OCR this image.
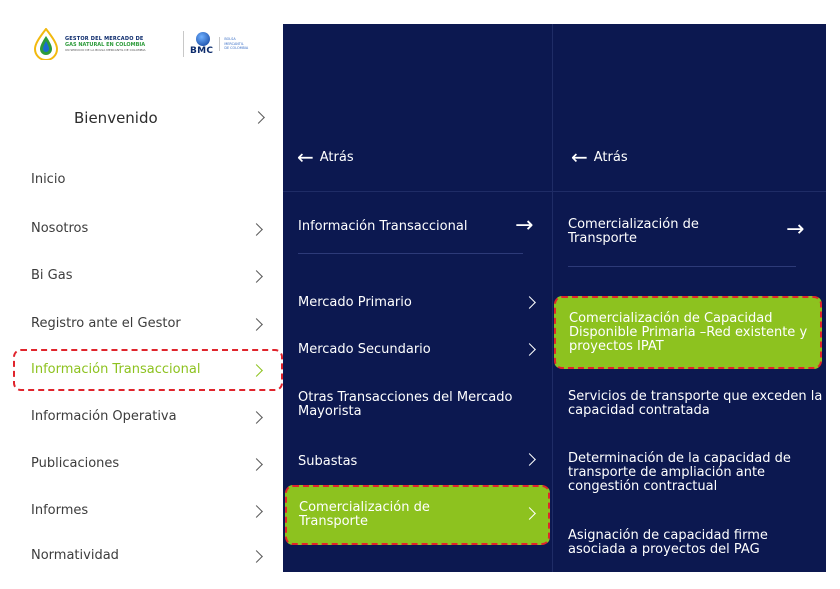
GESTOR DEL MERCADO DE
GAS NATURAL EN COLOMBIA
UN SERVICIO DE LA BOLSA MERCANTIL DE COLOMBIA	BMC
BOLSA
MERCANTIL
DE COLOMBIA
Bienvenido
Inicio
Nosotros
Bi Gas
Registro ante el Gestor
Información Transaccional
Información Operativa
Publicaciones
Informes
Normatividad
← Atrás
Información Transaccional	→
Mercado Primario
Mercado Secundario
Otras Transacciones del Mercado Mayorista
Subastas
Comercialización de Transporte
← Atrás
Comercialización de Transporte	→
Comercialización de Capacidad Disponible Primaria –Red existente y proyectos IPAT
Servicios de transporte que exceden la capacidad contratada
Determinación de la capacidad de transporte de ampliación ante congestión contractual
Asignación de capacidad firme asociada a proyectos del PAG
